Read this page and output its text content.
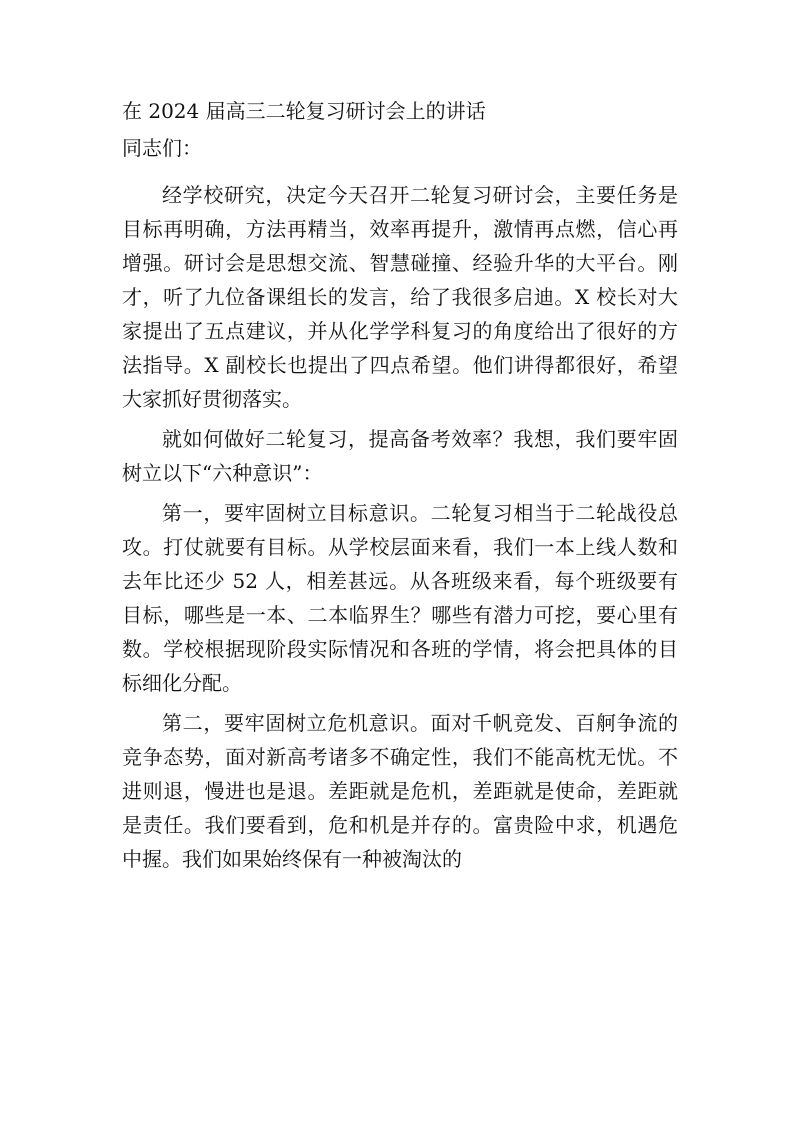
在 2024 届高三二轮复习研讨会上的讲话

同志们：

经学校研究，决定今天召开二轮复习研讨会，主要任务是目标再明确，方法再精当，效率再提升，激情再点燃，信心再增强。研讨会是思想交流、智慧碰撞、经验升华的大平台。刚才，听了九位备课组长的发言，给了我很多启迪。X 校长对大家提出了五点建议，并从化学学科复习的角度给出了很好的方法指导。X 副校长也提出了四点希望。他们讲得都很好，希望大家抓好贯彻落实。

就如何做好二轮复习，提高备考效率？我想，我们要牢固树立以下“六种意识”：

第一，要牢固树立目标意识。二轮复习相当于二轮战役总攻。打仗就要有目标。从学校层面来看，我们一本上线人数和去年比还少 52 人，相差甚远。从各班级来看，每个班级要有目标，哪些是一本、二本临界生？哪些有潜力可挖，要心里有数。学校根据现阶段实际情况和各班的学情，将会把具体的目标细化分配。

第二，要牢固树立危机意识。面对千帆竞发、百舸争流的竞争态势，面对新高考诸多不确定性，我们不能高枕无忧。不进则退，慢进也是退。差距就是危机，差距就是使命，差距就是责任。我们要看到，危和机是并存的。富贵险中求，机遇危中握。我们如果始终保有一种被淘汰的
